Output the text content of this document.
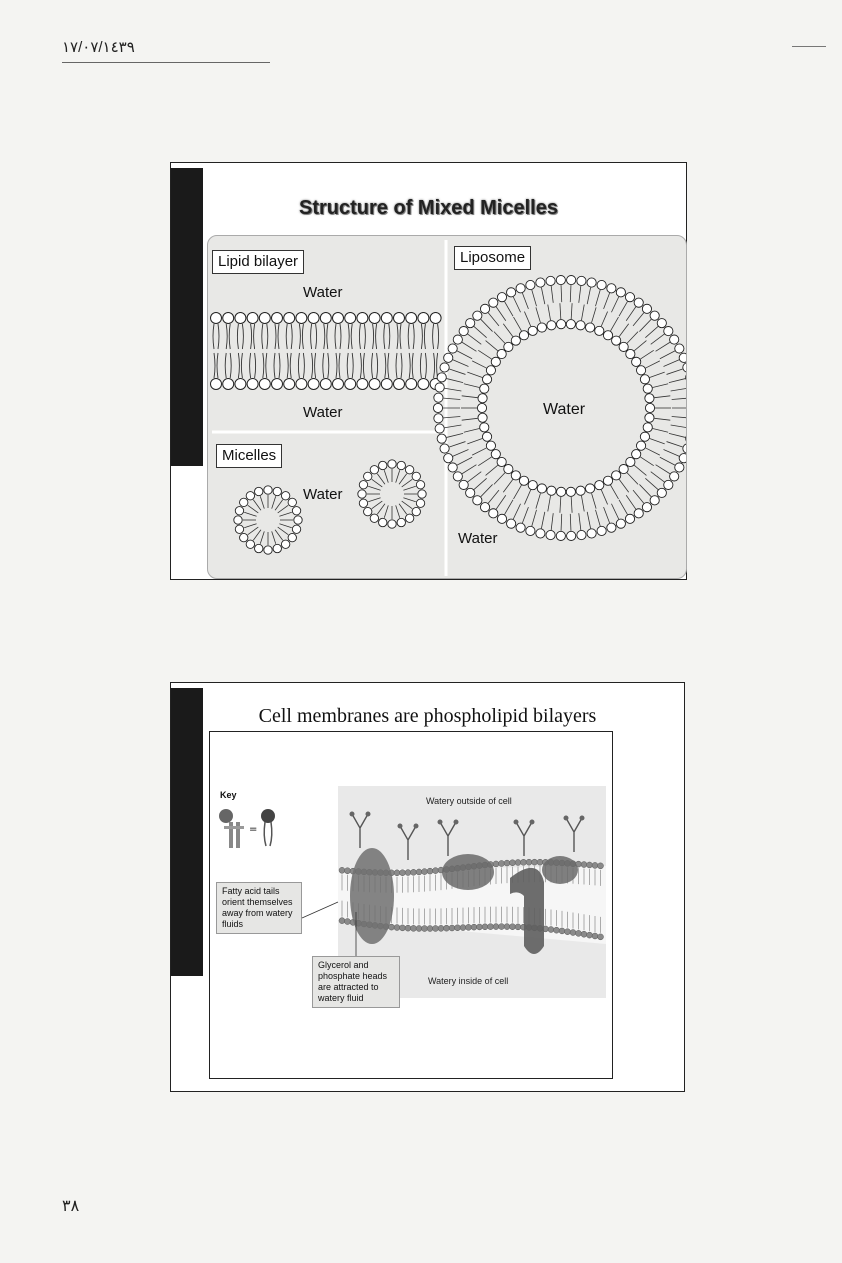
١٧/٠٧/١٤٣٩
Structure of Mixed Micelles
Lipid bilayer
Water
Water
Liposome
Water
Water
Micelles
Water
Cell membranes are phospholipid bilayers
Key
=
Watery outside of cell
Watery inside of cell
Fatty acid tails orient themselves away from watery fluids
Glycerol and phosphate heads are attracted to watery fluid
٣٨
